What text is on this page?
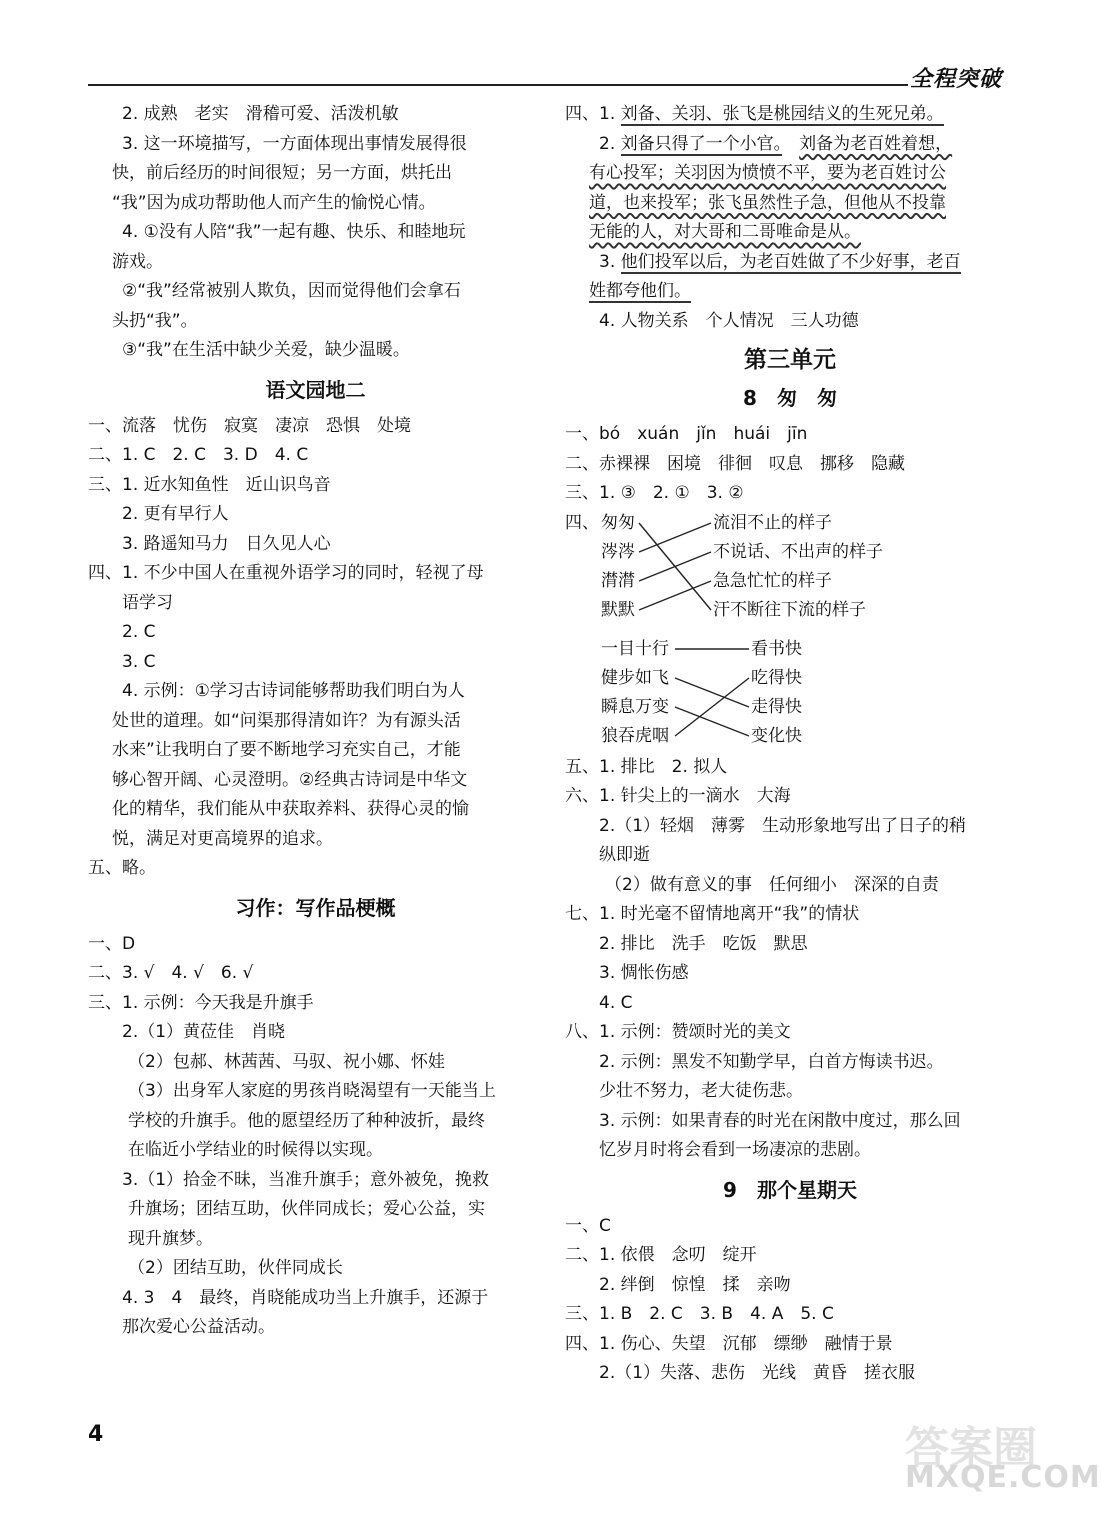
全程突破
2. 成熟　老实　滑稽可爱、活泼机敏
3. 这一环境描写，一方面体现出事情发展得很
快，前后经历的时间很短；另一方面，烘托出
“我”因为成功帮助他人而产生的愉悦心情。
4. ①没有人陪“我”一起有趣、快乐、和睦地玩
游戏。
②“我”经常被别人欺负，因而觉得他们会拿石
头扔“我”。
③“我”在生活中缺少关爱，缺少温暖。
语文园地二
一、流落　忧伤　寂寞　凄凉　恐惧　处境
二、1. C　2. C　3. D　4. C
三、1. 近水知鱼性　近山识鸟音
2. 更有早行人
3. 路遥知马力　日久见人心
四、1. 不少中国人在重视外语学习的同时，轻视了母
语学习
2. C
3. C
4. 示例：①学习古诗词能够帮助我们明白为人
处世的道理。如“问渠那得清如许？为有源头活
水来”让我明白了要不断地学习充实自己，才能
够心智开阔、心灵澄明。②经典古诗词是中华文
化的精华，我们能从中获取养料、获得心灵的愉
悦，满足对更高境界的追求。
五、略。
习作：写作品梗概
一、D
二、3. √　4. √　6. √
三、1. 示例：今天我是升旗手
2.（1）黄莅佳　肖晓
（2）包郝、林茜茜、马驭、祝小娜、怀娃
（3）出身军人家庭的男孩肖晓渴望有一天能当上
学校的升旗手。他的愿望经历了种种波折，最终
在临近小学结业的时候得以实现。
3.（1）拾金不昧，当准升旗手；意外被免，挽救
升旗场；团结互助，伙伴同成长；爱心公益，实
现升旗梦。
（2）团结互助，伙伴同成长
4. 3　4　最终，肖晓能成功当上升旗手，还源于
那次爱心公益活动。
四、1. 刘备、关羽、张飞是桃园结义的生死兄弟。
2. 刘备只得了一个小官。　 刘备为老百姓着想，
有心投军；关羽因为愤愤不平，要为老百姓讨公
道，也来投军；张飞虽然性子急，但他从不投靠
无能的人，对大哥和二哥唯命是从。
3. 他们投军以后，为老百姓做了不少好事，老百
姓都夸他们。
4. 人物关系　个人情况　三人功德
第三单元
8　匆　匆
一、bó　xuán　jǐn　huái　jīn
二、赤裸裸　困境　徘徊　叹息　挪移　隐藏
三、1. ③　2. ①　3. ②
四、 匆匆
涔涔
潸潸
默默
流泪不止的样子
不说话、不出声的样子
急急忙忙的样子
汗不断往下流的样子
一目十行
健步如飞
瞬息万变
狼吞虎咽
看书快
吃得快
走得快
变化快
五、1. 排比　2. 拟人
六、1. 针尖上的一滴水　大海
2.（1）轻烟　薄雾　生动形象地写出了日子的稍
纵即逝
（2）做有意义的事　任何细小　深深的自责
七、1. 时光毫不留情地离开“我”的情状
2. 排比　洗手　吃饭　默思
3. 惆怅伤感
4. C
八、1. 示例：赞颂时光的美文
2. 示例：黑发不知勤学早，白首方悔读书迟。
少壮不努力，老大徒伤悲。
3. 示例：如果青春的时光在闲散中度过，那么回
忆岁月时将会看到一场凄凉的悲剧。
9　那个星期天
一、C
二、1. 依偎　念叨　绽开
2. 绊倒　惊惶　揉　亲吻
三、1. B　2. C　3. B　4. A　5. C
四、1. 伤心、失望　沉郁　缥缈　融情于景
2.（1）失落、悲伤　光线　黄昏　搓衣服
4	答案圈
MXQE.COM
